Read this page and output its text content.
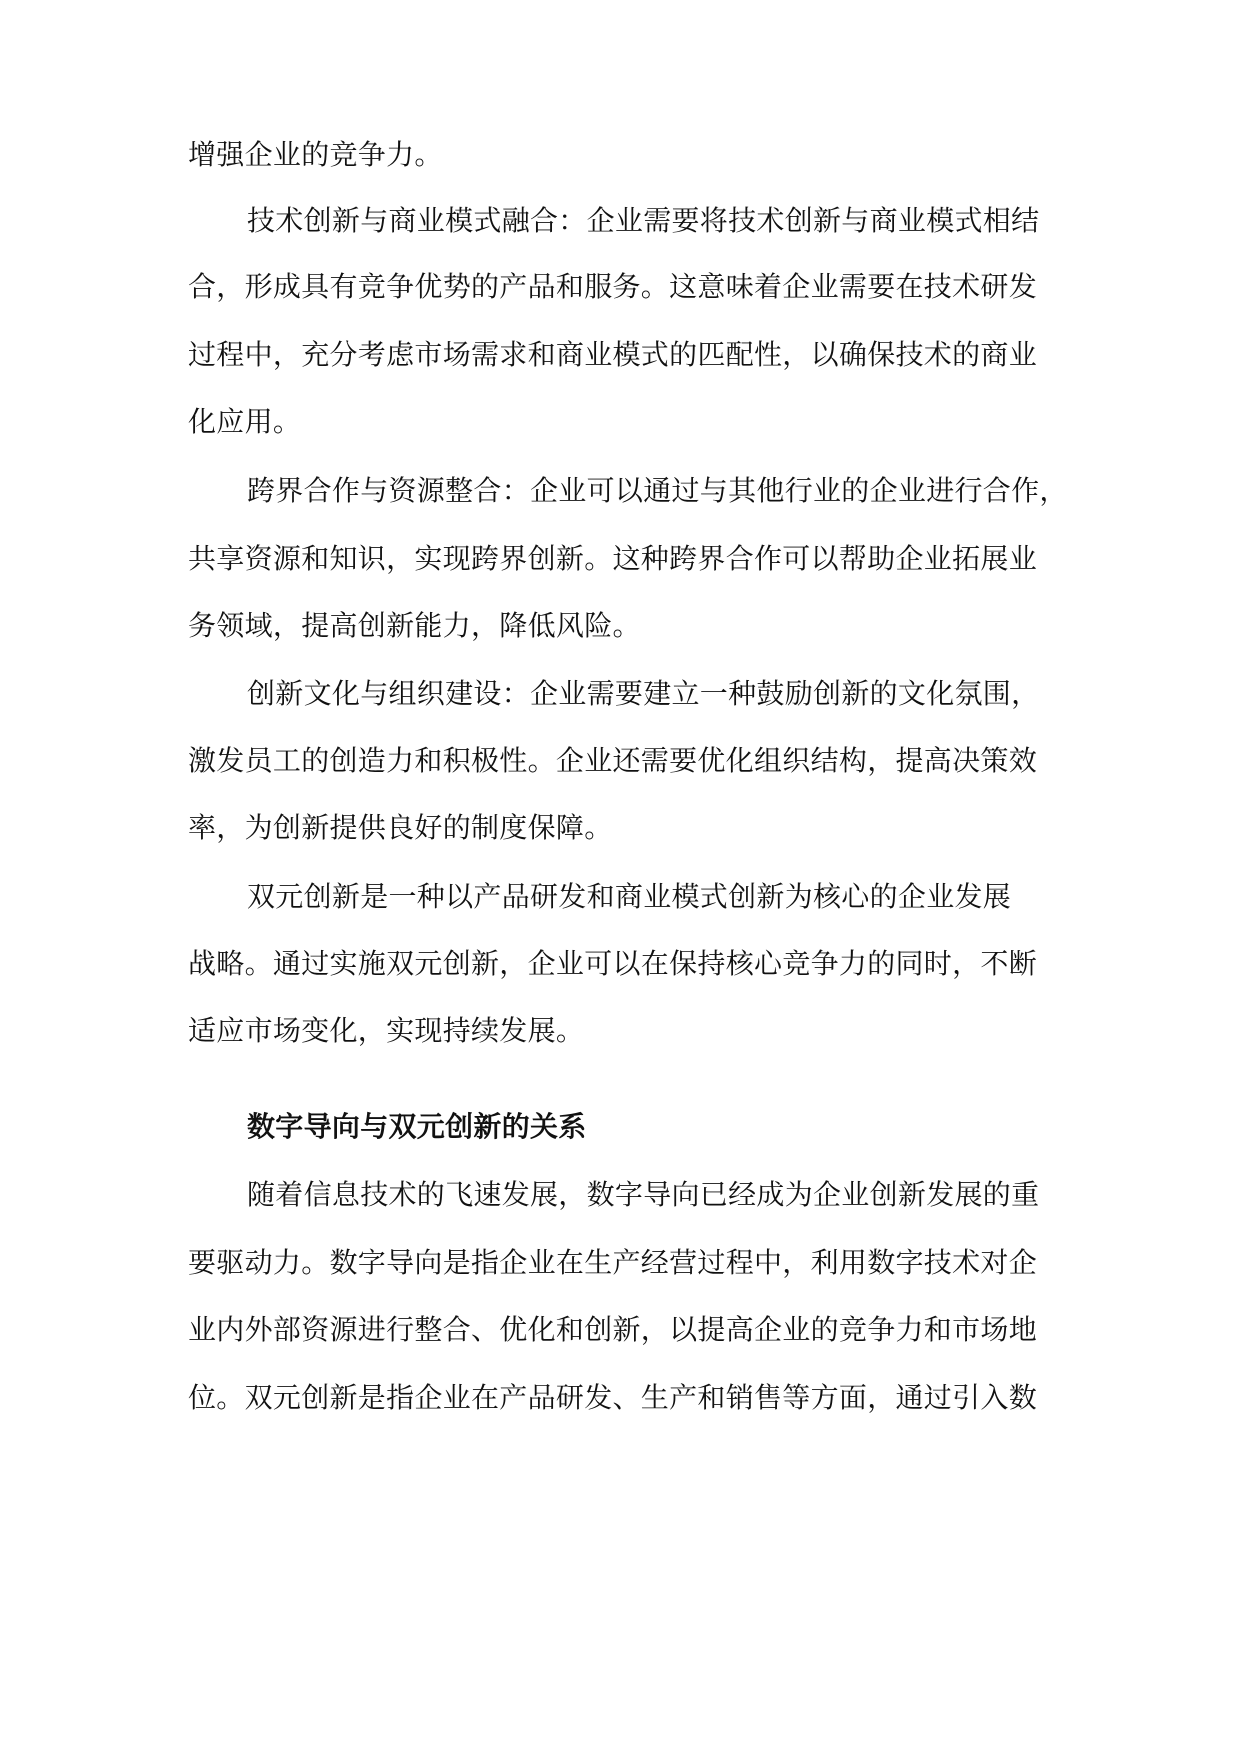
增强企业的竞争力。
技术创新与商业模式融合：企业需要将技术创新与商业模式相结
合，形成具有竞争优势的产品和服务。这意味着企业需要在技术研发
过程中，充分考虑市场需求和商业模式的匹配性，以确保技术的商业
化应用。
跨界合作与资源整合：企业可以通过与其他行业的企业进行合作，
共享资源和知识，实现跨界创新。这种跨界合作可以帮助企业拓展业
务领域，提高创新能力，降低风险。
创新文化与组织建设：企业需要建立一种鼓励创新的文化氛围，
激发员工的创造力和积极性。企业还需要优化组织结构，提高决策效
率，为创新提供良好的制度保障。
双元创新是一种以产品研发和商业模式创新为核心的企业发展
战略。通过实施双元创新，企业可以在保持核心竞争力的同时，不断
适应市场变化，实现持续发展。
数字导向与双元创新的关系
随着信息技术的飞速发展，数字导向已经成为企业创新发展的重
要驱动力。数字导向是指企业在生产经营过程中，利用数字技术对企
业内外部资源进行整合、优化和创新，以提高企业的竞争力和市场地
位。双元创新是指企业在产品研发、生产和销售等方面，通过引入数
